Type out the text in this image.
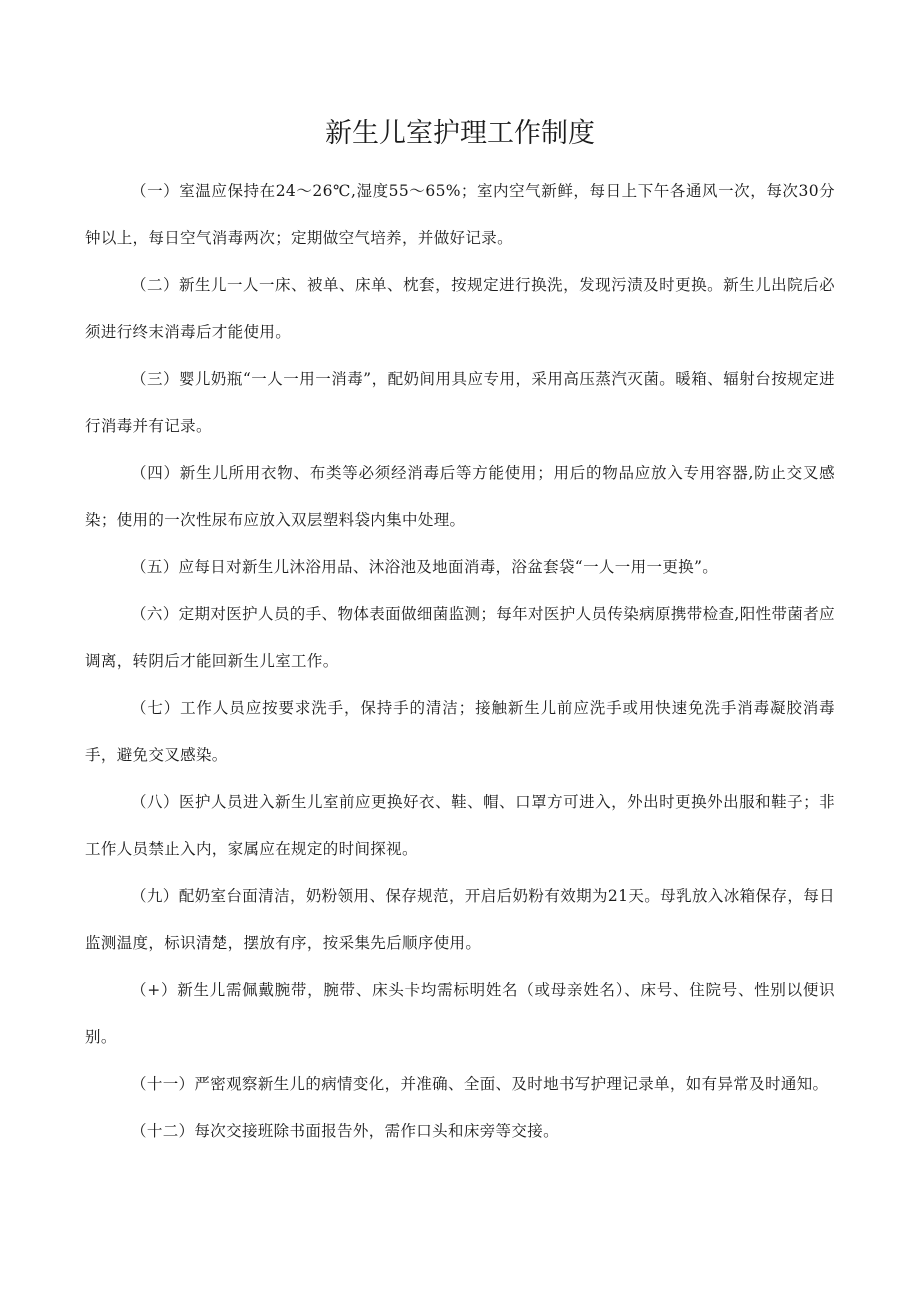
新生儿室护理工作制度

（一）室温应保持在24～26℃,湿度55～65%；室内空气新鲜，每日上下午各通风一次，每次30分钟以上，每日空气消毒两次；定期做空气培养，并做好记录。

（二）新生儿一人一床、被单、床单、枕套，按规定进行换洗，发现污渍及时更换。新生儿出院后必须进行终末消毒后才能使用。

（三）婴儿奶瓶“一人一用一消毒”，配奶间用具应专用，采用高压蒸汽灭菌。暖箱、辐射台按规定进行消毒并有记录。

（四）新生儿所用衣物、布类等必须经消毒后等方能使用；用后的物品应放入专用容器,防止交叉感染；使用的一次性尿布应放入双层塑料袋内集中处理。

（五）应每日对新生儿沐浴用品、沐浴池及地面消毒，浴盆套袋“一人一用一更换”。

（六）定期对医护人员的手、物体表面做细菌监测；每年对医护人员传染病原携带检查,阳性带菌者应调离，转阴后才能回新生儿室工作。

（七）工作人员应按要求洗手，保持手的清洁；接触新生儿前应洗手或用快速免洗手消毒凝胶消毒手，避免交叉感染。

（八）医护人员进入新生儿室前应更换好衣、鞋、帽、口罩方可进入，外出时更换外出服和鞋子；非工作人员禁止入内，家属应在规定的时间探视。

（九）配奶室台面清洁，奶粉领用、保存规范，开启后奶粉有效期为21天。母乳放入冰箱保存，每日监测温度，标识清楚，摆放有序，按采集先后顺序使用。

（+）新生儿需佩戴腕带，腕带、床头卡均需标明姓名（或母亲姓名）、床号、住院号、性别以便识别。

（十一）严密观察新生儿的病情变化，并准确、全面、及时地书写护理记录单，如有异常及时通知。

（十二）每次交接班除书面报告外，需作口头和床旁等交接。
